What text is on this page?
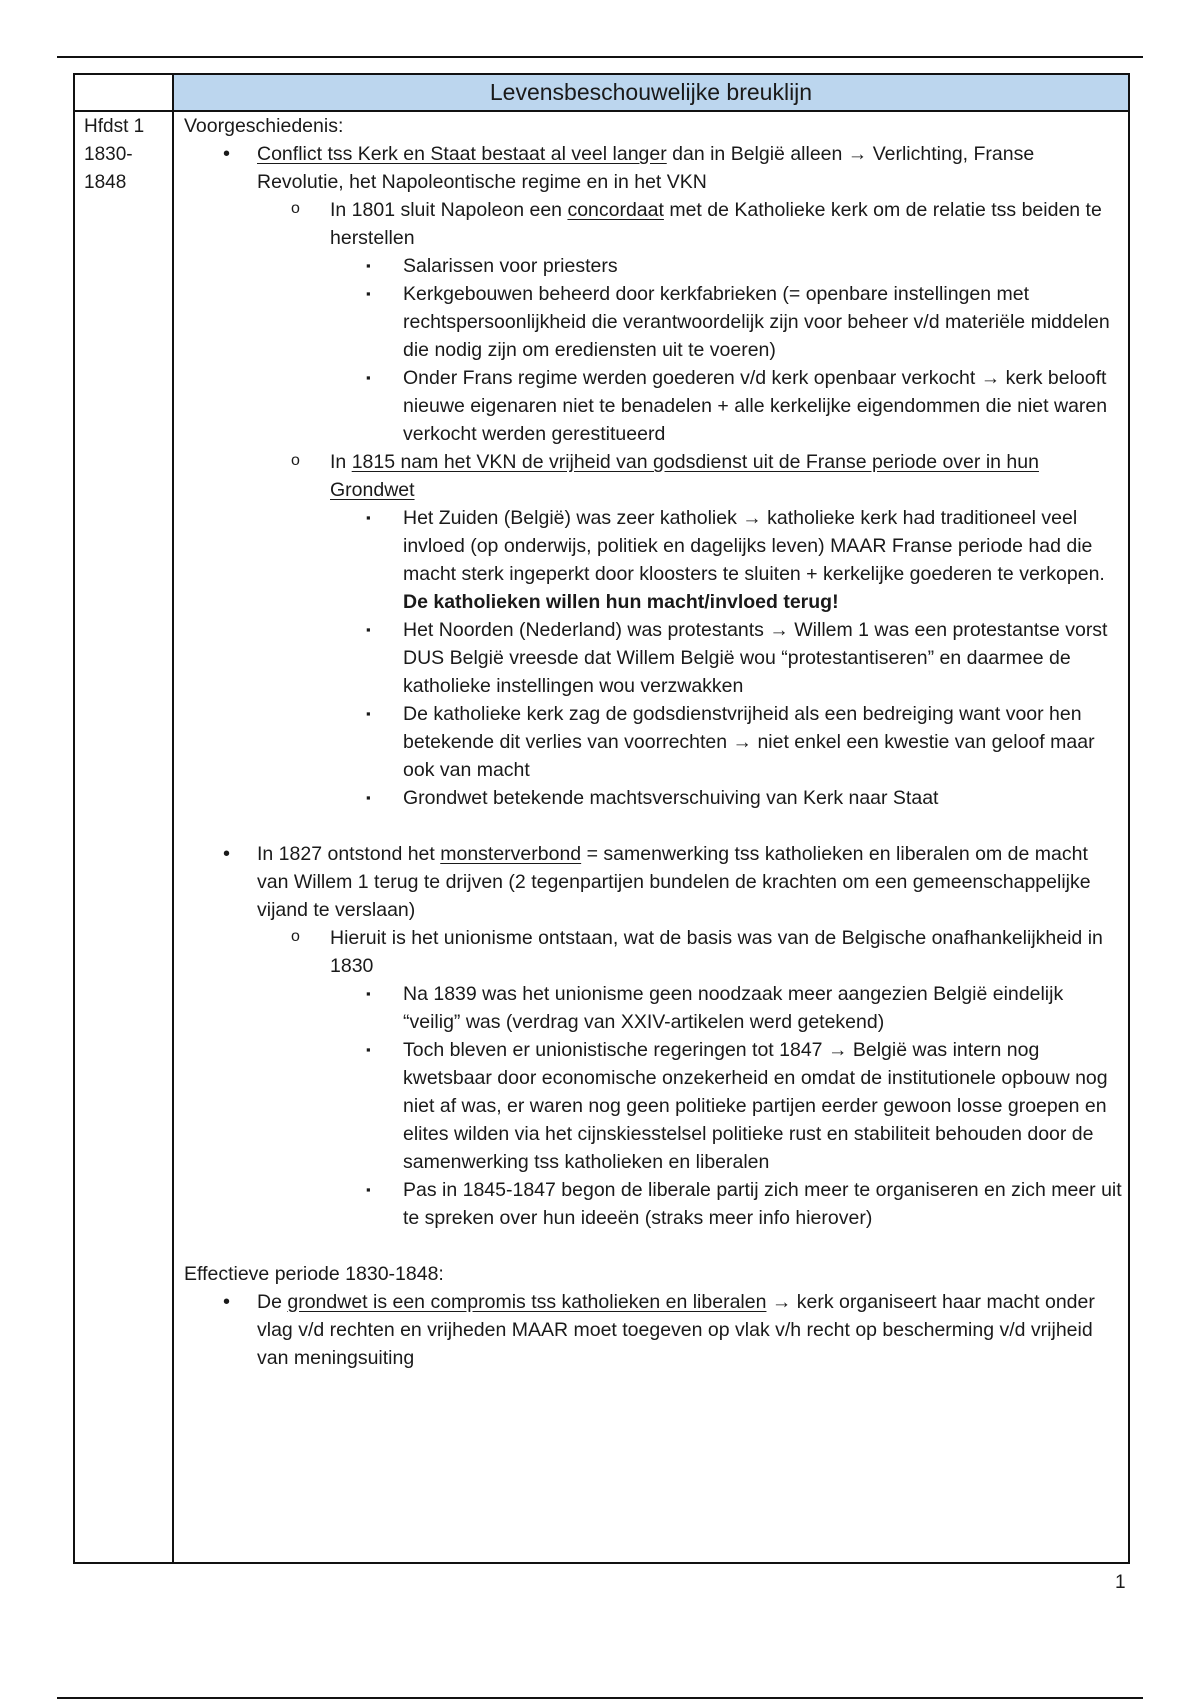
Levensbeschouwelijke breuklijn
Hfdst 1
1830-
1848

Voorgeschiedenis:

• Conflict tss Kerk en Staat bestaat al veel langer dan in België alleen → Verlichting, Franse Revolutie, het Napoleontische regime en in het VKN
o In 1801 sluit Napoleon een concordaat met de Katholieke kerk om de relatie tss beiden te herstellen
▪ Salarissen voor priesters
▪ Kerkgebouwen beheerd door kerkfabrieken (= openbare instellingen met rechtspersoonlijkheid die verantwoordelijk zijn voor beheer v/d materiële middelen die nodig zijn om erediensten uit te voeren)
▪ Onder Frans regime werden goederen v/d kerk openbaar verkocht → kerk belooft nieuwe eigenaren niet te benadelen + alle kerkelijke eigendommen die niet waren verkocht werden gerestitueerd
o In 1815 nam het VKN de vrijheid van godsdienst uit de Franse periode over in hun Grondwet
▪ Het Zuiden (België) was zeer katholiek → katholieke kerk had traditioneel veel invloed (op onderwijs, politiek en dagelijks leven) MAAR Franse periode had die macht sterk ingeperkt door kloosters te sluiten + kerkelijke goederen te verkopen. De katholieken willen hun macht/invloed terug!
▪ Het Noorden (Nederland) was protestants → Willem 1 was een protestantse vorst DUS België vreesde dat Willem België wou “protestantiseren” en daarmee de katholieke instellingen wou verzwakken
▪ De katholieke kerk zag de godsdienstvrijheid als een bedreiging want voor hen betekende dit verlies van voorrechten → niet enkel een kwestie van geloof maar ook van macht
▪ Grondwet betekende machtsverschuiving van Kerk naar Staat
• In 1827 ontstond het monsterverbond = samenwerking tss katholieken en liberalen om de macht van Willem 1 terug te drijven (2 tegenpartijen bundelen de krachten om een gemeenschappelijke vijand te verslaan)
o Hieruit is het unionisme ontstaan, wat de basis was van de Belgische onafhankelijkheid in 1830
▪ Na 1839 was het unionisme geen noodzaak meer aangezien België eindelijk “veilig” was (verdrag van XXIV-artikelen werd getekend)
▪ Toch bleven er unionistische regeringen tot 1847 → België was intern nog kwetsbaar door economische onzekerheid en omdat de institutionele opbouw nog niet af was, er waren nog geen politieke partijen eerder gewoon losse groepen en elites wilden via het cijnskiesstelsel politieke rust en stabiliteit behouden door de samenwerking tss katholieken en liberalen
▪ Pas in 1845-1847 begon de liberale partij zich meer te organiseren en zich meer uit te spreken over hun ideeën (straks meer info hierover)

Effectieve periode 1830-1848:

• De grondwet is een compromis tss katholieken en liberalen → kerk organiseert haar macht onder vlag v/d rechten en vrijheden MAAR moet toegeven op vlak v/h recht op bescherming v/d vrijheid van meningsuiting
1
